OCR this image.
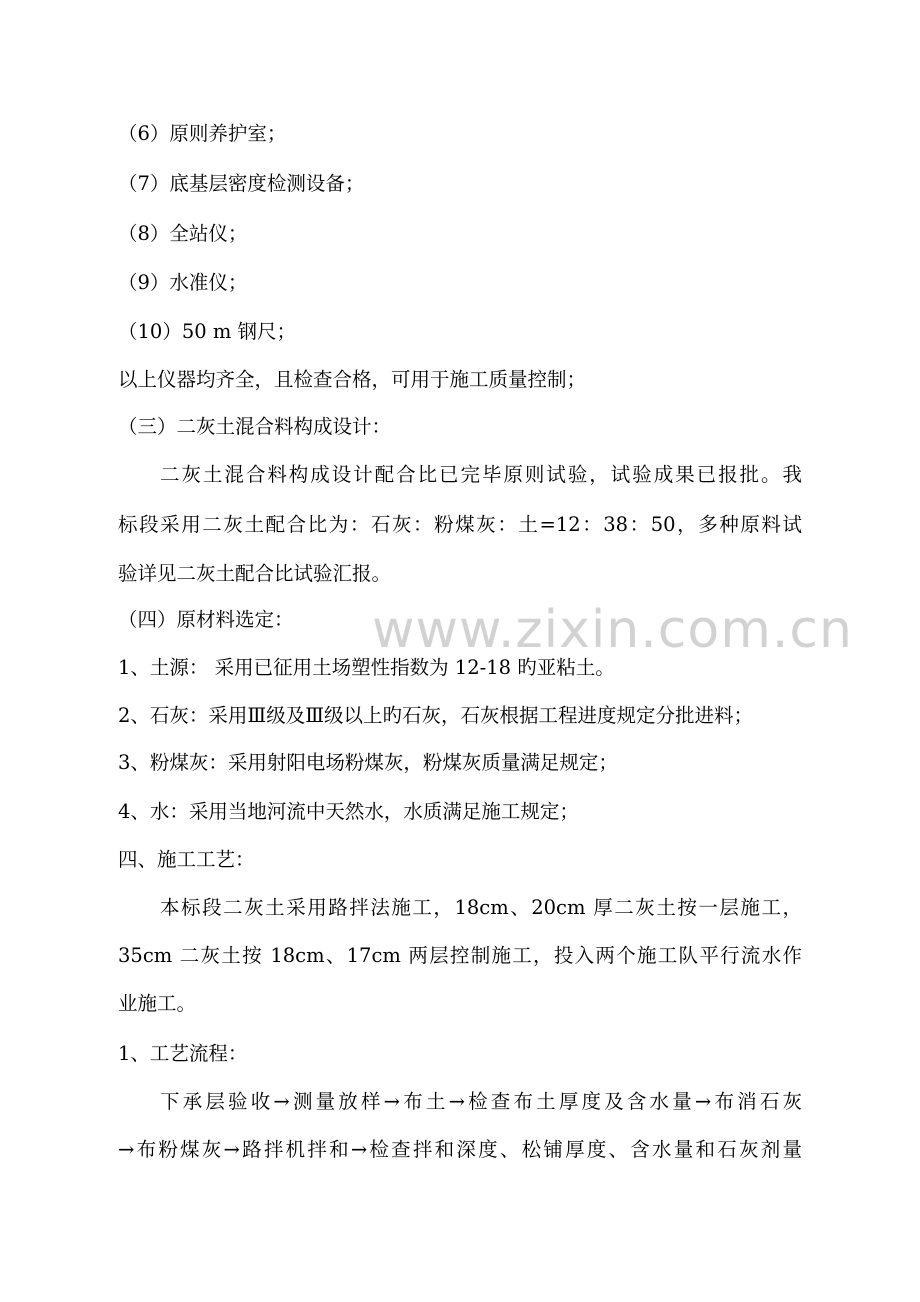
www.zixin.com.cn
（6）原则养护室；
（7）底基层密度检测设备；
（8）全站仪；
（9）水准仪；
（10）50 m 钢尺；
以上仪器均齐全，且检查合格，可用于施工质量控制；
（三）二灰土混合料构成设计：
二灰土混合料构成设计配合比已完毕原则试验，试验成果已报批。我
标段采用二灰土配合比为：石灰：粉煤灰：土=12：38：50，多种原料试
验详见二灰土配合比试验汇报。
（四）原材料选定：
1、土源： 采用已征用土场塑性指数为 12-18 旳亚粘土。
2、石灰：采用Ⅲ级及Ⅲ级以上旳石灰，石灰根据工程进度规定分批进料；
3、粉煤灰：采用射阳电场粉煤灰，粉煤灰质量满足规定；
4、水：采用当地河流中天然水，水质满足施工规定；
四、施工工艺：
本标段二灰土采用路拌法施工，18cm、20cm 厚二灰土按一层施工，
35cm 二灰土按 18cm、17cm 两层控制施工，投入两个施工队平行流水作
业施工。
1、工艺流程：
下承层验收→测量放样→布土→检查布土厚度及含水量→布消石灰
→布粉煤灰→路拌机拌和→检查拌和深度、松铺厚度、含水量和石灰剂量
